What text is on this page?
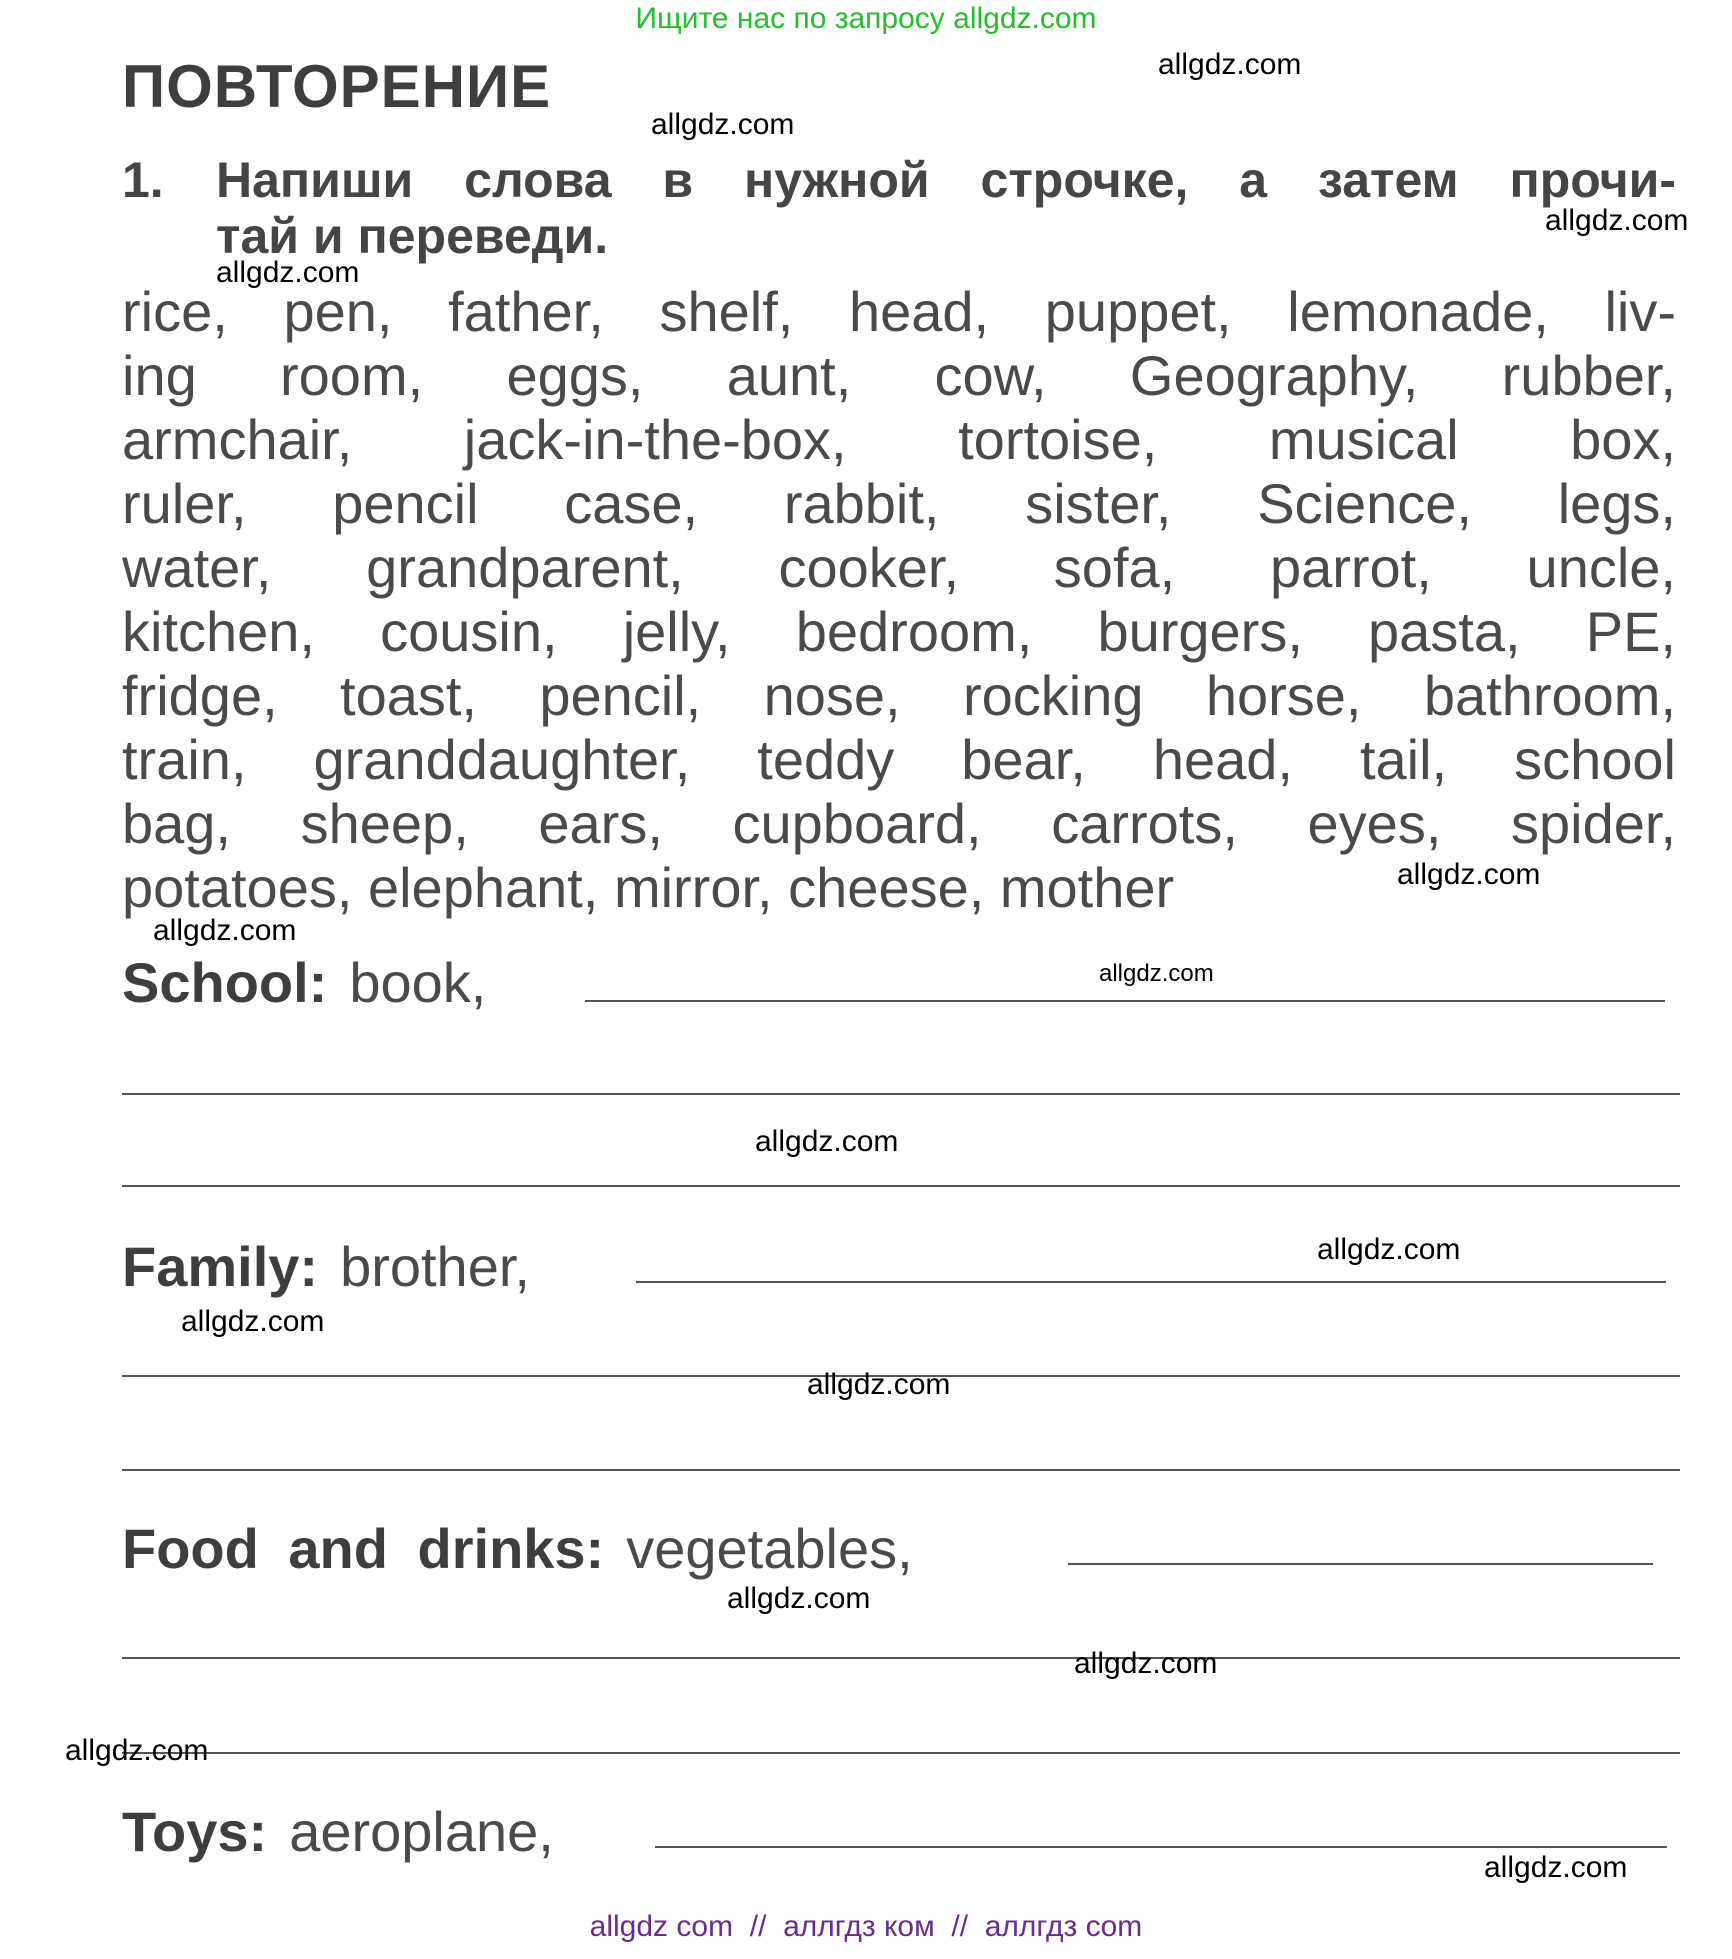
Ищите нас по запросу allgdz.com
ПОВТОРЕНИЕ
1. Напиши слова в нужной строчке, а затем прочи-
тай и переведи.
rice, pen, father, shelf, head, puppet, lemonade, liv-
ing room, eggs, aunt, cow, Geography, rubber,
armchair, jack-in-the-box, tortoise, musical box,
ruler, pencil case, rabbit, sister, Science, legs,
water, grandparent, cooker, sofa, parrot, uncle,
kitchen, cousin, jelly, bedroom, burgers, pasta, PE,
fridge, toast, pencil, nose, rocking horse, bathroom,
train, granddaughter, teddy bear, head, tail, school
bag, sheep, ears, cupboard, carrots, eyes, spider,
potatoes, elephant, mirror, cheese, mother
School: book,
Family: brother,
Food and drinks: vegetables,
Toys: aeroplane,
allgdz.com
allgdz.com
allgdz.com
allgdz.com
allgdz.com
allgdz.com
allgdz.com
allgdz.com
allgdz.com
allgdz.com
allgdz.com
allgdz.com
allgdz.com
allgdz.com
allgdz.com
allgdz com  //  аллгдз ком  //  аллгдз com
